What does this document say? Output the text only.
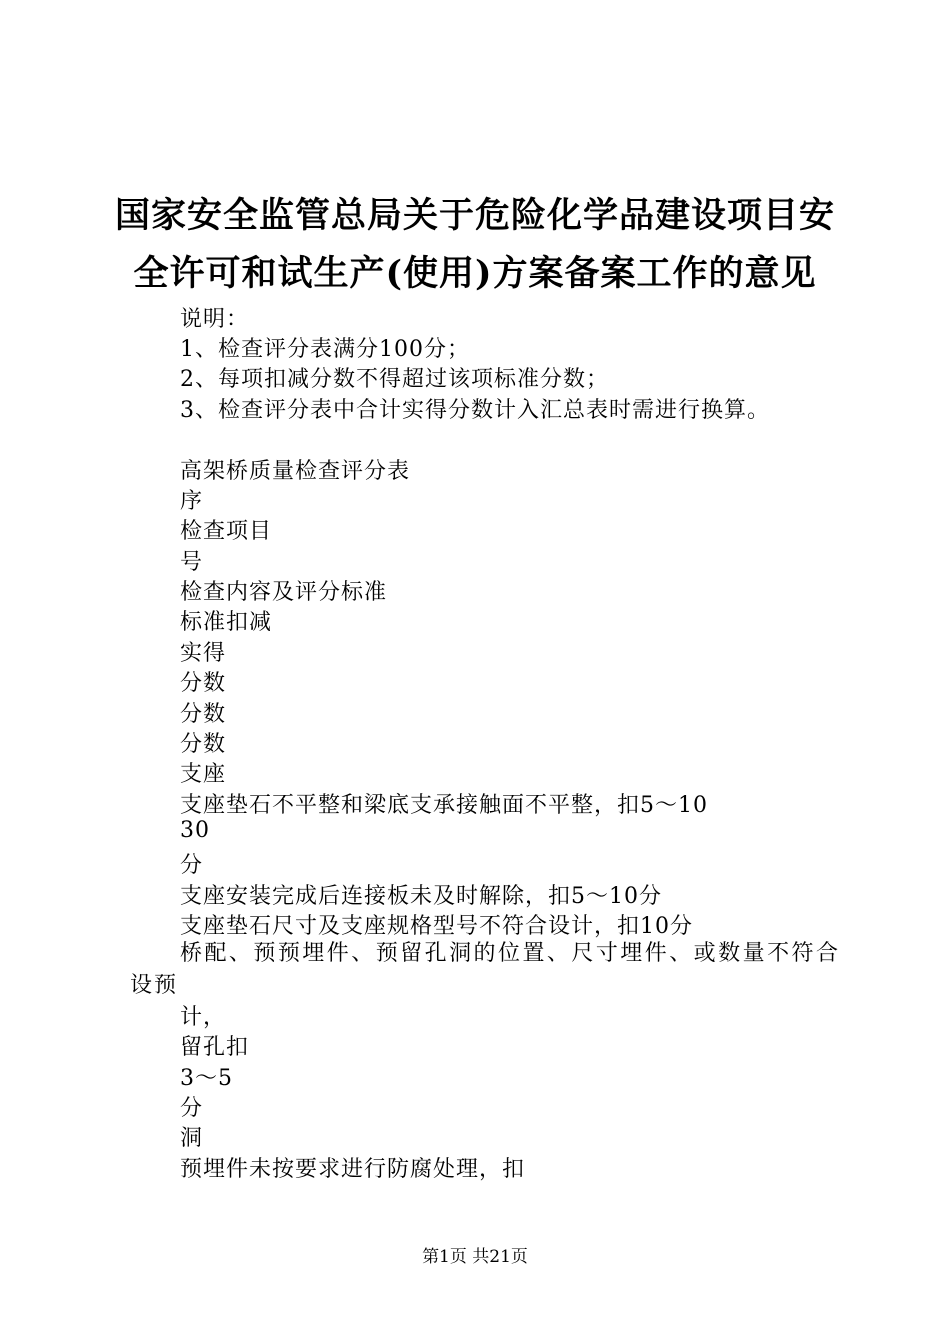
国家安全监管总局关于危险化学品建设项目安
全许可和试生产(使用)方案备案工作的意见
说明：
1、检查评分表满分100分；
2、每项扣减分数不得超过该项标准分数；
3、检查评分表中合计实得分数计入汇总表时需进行换算。
高架桥质量检查评分表
序
检查项目
号
检查内容及评分标准
标准扣减
实得
分数
分数
分数
支座
支座垫石不平整和梁底支承接触面不平整，扣5～10
30
分
支座安装完成后连接板未及时解除，扣5～10分
支座垫石尺寸及支座规格型号不符合设计，扣10分
桥配、预预埋件、预留孔洞的位置、尺寸埋件、或数量不符合设预
计，
留孔扣
3～5
分
洞
预埋件未按要求进行防腐处理，扣
第1页 共21页
